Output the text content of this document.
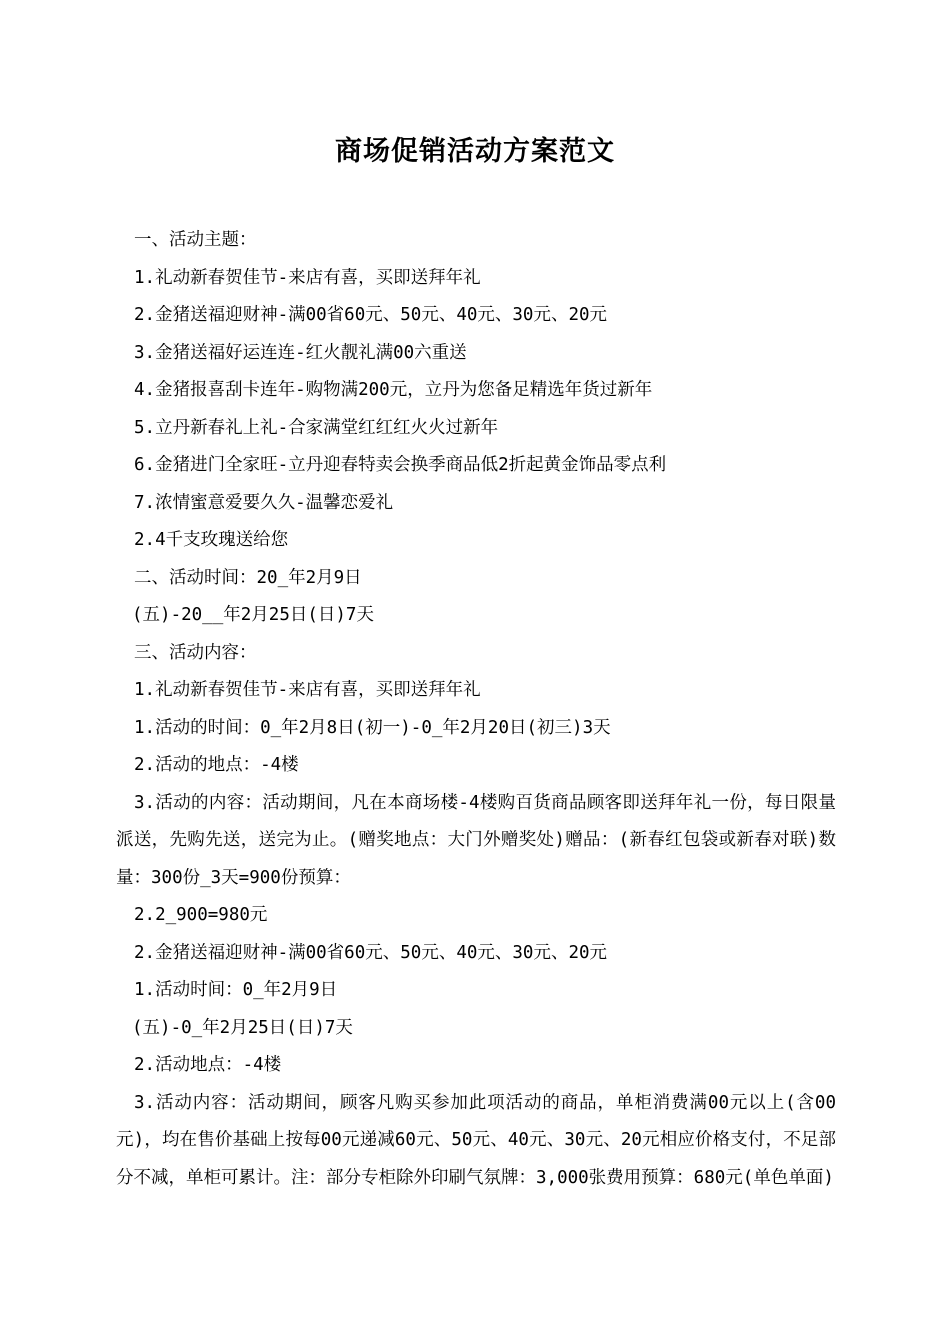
商场促销活动方案范文

一、活动主题：

1.礼动新春贺佳节-来店有喜，买即送拜年礼

2.金猪送福迎财神-满00省60元、50元、40元、30元、20元

3.金猪送福好运连连-红火靓礼满00六重送

4.金猪报喜刮卡连年-购物满200元，立丹为您备足精选年货过新年

5.立丹新春礼上礼-合家满堂红红红火火过新年

6.金猪进门全家旺-立丹迎春特卖会换季商品低2折起黄金饰品零点利

7.浓情蜜意爱要久久-温馨恋爱礼

2.4千支玫瑰送给您

二、活动时间：20_年2月9日

(五)-20__年2月25日(日)7天

三、活动内容：

1.礼动新春贺佳节-来店有喜，买即送拜年礼

1.活动的时间：0_年2月8日(初一)-0_年2月20日(初三)3天

2.活动的地点：-4楼

3.活动的内容：活动期间，凡在本商场楼-4楼购百货商品顾客即送拜年礼一份，每日限量派送，先购先送，送完为止。(赠奖地点：大门外赠奖处)赠品：(新春红包袋或新春对联)数量：300份_3天=900份预算：

2.2_900=980元

2.金猪送福迎财神-满00省60元、50元、40元、30元、20元

1.活动时间：0_年2月9日

(五)-0_年2月25日(日)7天

2.活动地点：-4楼

3.活动内容：活动期间，顾客凡购买参加此项活动的商品，单柜消费满00元以上(含00元)，均在售价基础上按每00元递减60元、50元、40元、30元、20元相应价格支付，不足部分不减，单柜可累计。注：部分专柜除外印刷气氛牌：3,000张费用预算：680元(单色单面)
